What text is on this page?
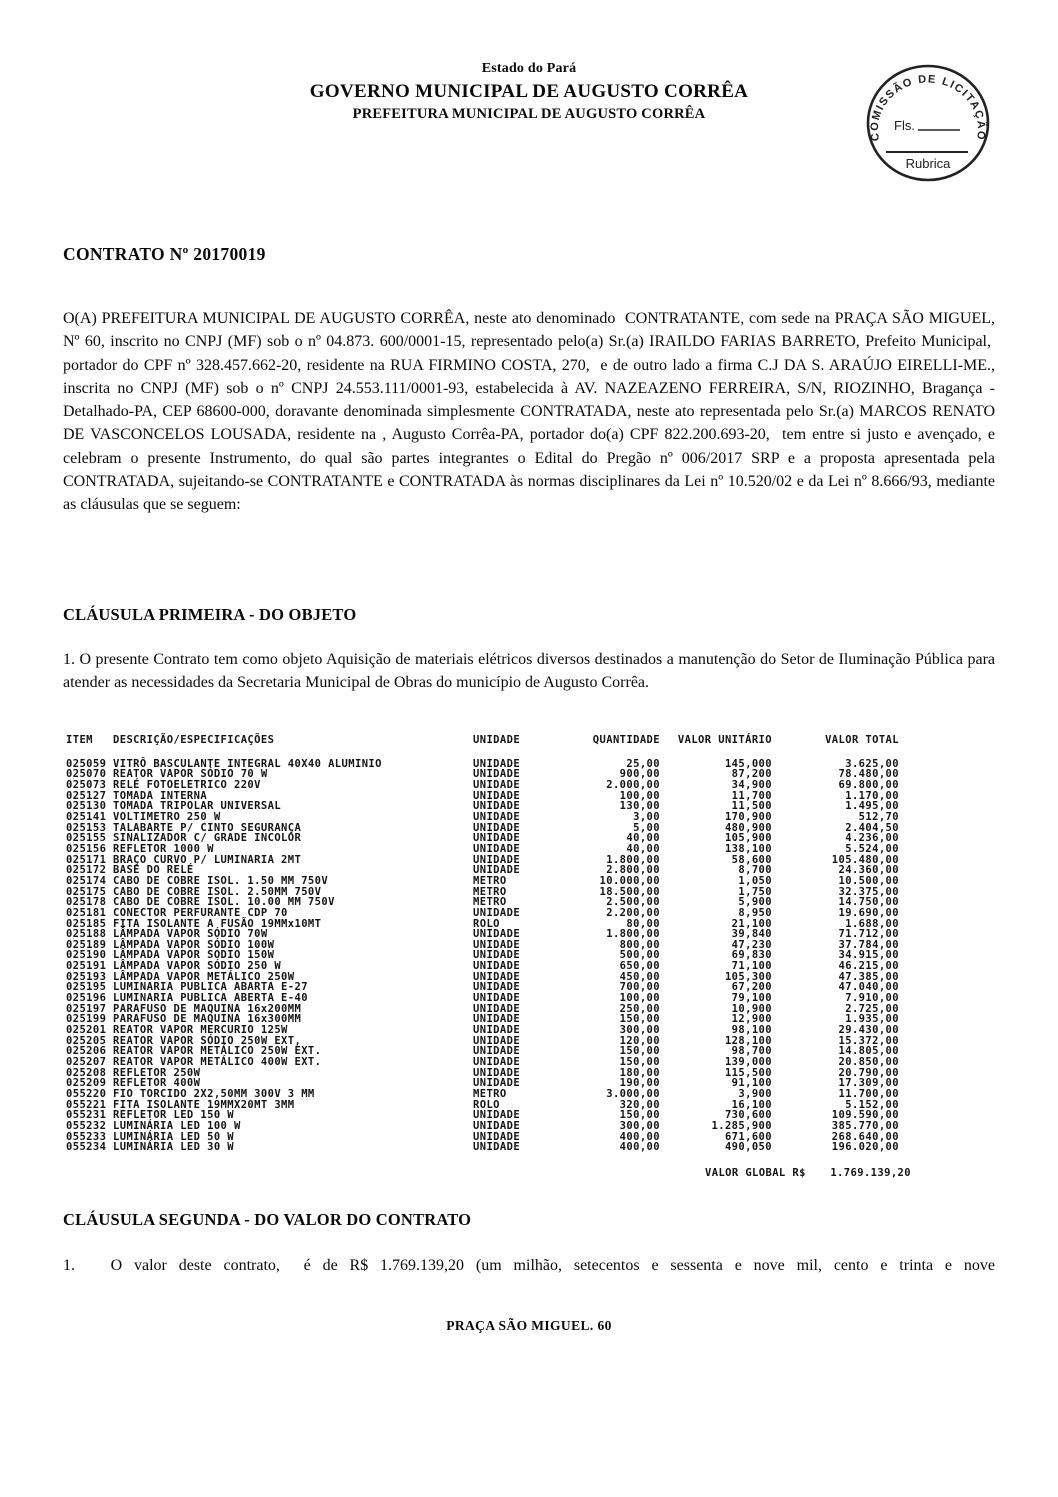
Estado do Pará
GOVERNO MUNICIPAL DE AUGUSTO CORRÊA
PREFEITURA MUNICIPAL DE AUGUSTO CORRÊA
COMISSÃO DE LICITAÇÃO
Fls.
Rubrica
CONTRATO Nº 20170019
O(A) PREFEITURA MUNICIPAL DE AUGUSTO CORRÊA, neste ato denominado  CONTRATANTE, com sede na PRAÇA SÃO MIGUEL, Nº 60, inscrito no CNPJ (MF) sob o nº 04.873. 600/0001-15, representado pelo(a) Sr.(a) IRAILDO FARIAS BARRETO, Prefeito Municipal,  portador do CPF nº 328.457.662-20, residente na RUA FIRMINO COSTA, 270,  e de outro lado a firma C.J DA S. ARAÚJO EIRELLI-ME., inscrita no CNPJ (MF) sob o nº CNPJ 24.553.111/0001-93, estabelecida à AV. NAZEAZENO FERREIRA, S/N, RIOZINHO, Bragança - Detalhado-PA, CEP 68600-000, doravante denominada simplesmente CONTRATADA, neste ato representada pelo Sr.(a) MARCOS RENATO DE VASCONCELOS LOUSADA, residente na , Augusto Corrêa-PA, portador do(a) CPF 822.200.693-20,  tem entre si justo e avençado, e celebram o presente Instrumento, do qual são partes integrantes o Edital do Pregão nº 006/2017 SRP e a proposta apresentada pela CONTRATADA, sujeitando-se CONTRATANTE e CONTRATADA às normas disciplinares da Lei nº 10.520/02 e da Lei nº 8.666/93, mediante as cláusulas que se seguem:
CLÁUSULA PRIMEIRA - DO OBJETO
1. O presente Contrato tem como objeto Aquisição de materiais elétricos diversos destinados a manutenção do Setor de Iluminação Pública para atender as necessidades da Secretaria Municipal de Obras do município de Augusto Corrêa.
ITEM	DESCRIÇÃO/ESPECIFICAÇÕES	UNIDADE	QUANTIDADE	VALOR UNITÁRIO	VALOR TOTAL
025059	VITRÔ BASCULANTE INTEGRAL 40X40 ALUMINIO	UNIDADE	25,00	145,000	3.625,00
025070	REATOR VAPOR SÓDIO 70 W	UNIDADE	900,00	87,200	78.480,00
025073	RELÉ FOTOELETRICO 220V	UNIDADE	2.000,00	34,900	69.800,00
025127	TOMADA INTERNA	UNIDADE	100,00	11,700	1.170,00
025130	TOMADA TRIPOLAR UNIVERSAL	UNIDADE	130,00	11,500	1.495,00
025141	VOLTIMETRO 250 W	UNIDADE	3,00	170,900	512,70
025153	TALABARTE P/ CINTO SEGURANÇA	UNIDADE	5,00	480,900	2.404,50
025155	SINALIZADOR C/ GRADE INCOLOR	UNIDADE	40,00	105,900	4.236,00
025156	REFLETOR 1000 W	UNIDADE	40,00	138,100	5.524,00
025171	BRAÇO CURVO P/ LUMINARIA 2MT	UNIDADE	1.800,00	58,600	105.480,00
025172	BASE DO RELÉ	UNIDADE	2.800,00	8,700	24.360,00
025174	CABO DE COBRE ISOL. 1.50 MM 750V	METRO	10.000,00	1,050	10.500,00
025175	CABO DE COBRE ISOL. 2.50MM 750V	METRO	18.500,00	1,750	32.375,00
025178	CABO DE COBRE ISOL. 10.00 MM 750V	METRO	2.500,00	5,900	14.750,00
025181	CONECTOR PERFURANTE CDP 70	UNIDADE	2.200,00	8,950	19.690,00
025185	FITA ISOLANTE A FUSÃO 19MMx10MT	ROLO	80,00	21,100	1.688,00
025188	LÂMPADA VAPOR SÓDIO 70W	UNIDADE	1.800,00	39,840	71.712,00
025189	LÂMPADA VAPOR SÓDIO 100W	UNIDADE	800,00	47,230	37.784,00
025190	LÂMPADA VAPOR SODIO 150W	UNIDADE	500,00	69,830	34.915,00
025191	LÂMPADA VAPOR SÓDIO 250 W	UNIDADE	650,00	71,100	46.215,00
025193	LÂMPADA VAPOR METÁLICO 250W	UNIDADE	450,00	105,300	47.385,00
025195	LUMINARIA PUBLICA ABARTA E-27	UNIDADE	700,00	67,200	47.040,00
025196	LUMINARIA PUBLICA ABERTA E-40	UNIDADE	100,00	79,100	7.910,00
025197	PARAFUSO DE MAQUINA 16x200MM	UNIDADE	250,00	10,900	2.725,00
025199	PARAFUSO DE MAQUINA 16x300MM	UNIDADE	150,00	12,900	1.935,00
025201	REATOR VAPOR MERCURIO 125W	UNIDADE	300,00	98,100	29.430,00
025205	REATOR VAPOR SÓDIO 250W EXT,	UNIDADE	120,00	128,100	15.372,00
025206	REATOR VAPOR METÁLICO 250W EXT.	UNIDADE	150,00	98,700	14.805,00
025207	REATOR VAPOR METÁLICO 400W EXT.	UNIDADE	150,00	139,000	20.850,00
025208	REFLETOR 250W	UNIDADE	180,00	115,500	20.790,00
025209	REFLETOR 400W	UNIDADE	190,00	91,100	17.309,00
055220	FIO TORCIDO 2X2,50MM 300V 3 MM	METRO	3.000,00	3,900	11.700,00
055221	FITA ISOLANTE 19MMX20MT 3MM	ROLO	320,00	16,100	5.152,00
055231	REFLETOR LED 150 W	UNIDADE	150,00	730,600	109.590,00
055232	LUMINÁRIA LED 100 W	UNIDADE	300,00	1.285,900	385.770,00
055233	LUMINÁRIA LED 50 W	UNIDADE	400,00	671,600	268.640,00
055234	LUMINÁRIA LED 30 W	UNIDADE	400,00	490,050	196.020,00
VALOR GLOBAL R$ 1.769.139,20
CLÁUSULA SEGUNDA - DO VALOR DO CONTRATO
1.   O valor deste contrato,  é de R$ 1.769.139,20 (um milhão, setecentos e sessenta e nove mil, cento e trinta e nove
PRAÇA SÃO MIGUEL. 60
